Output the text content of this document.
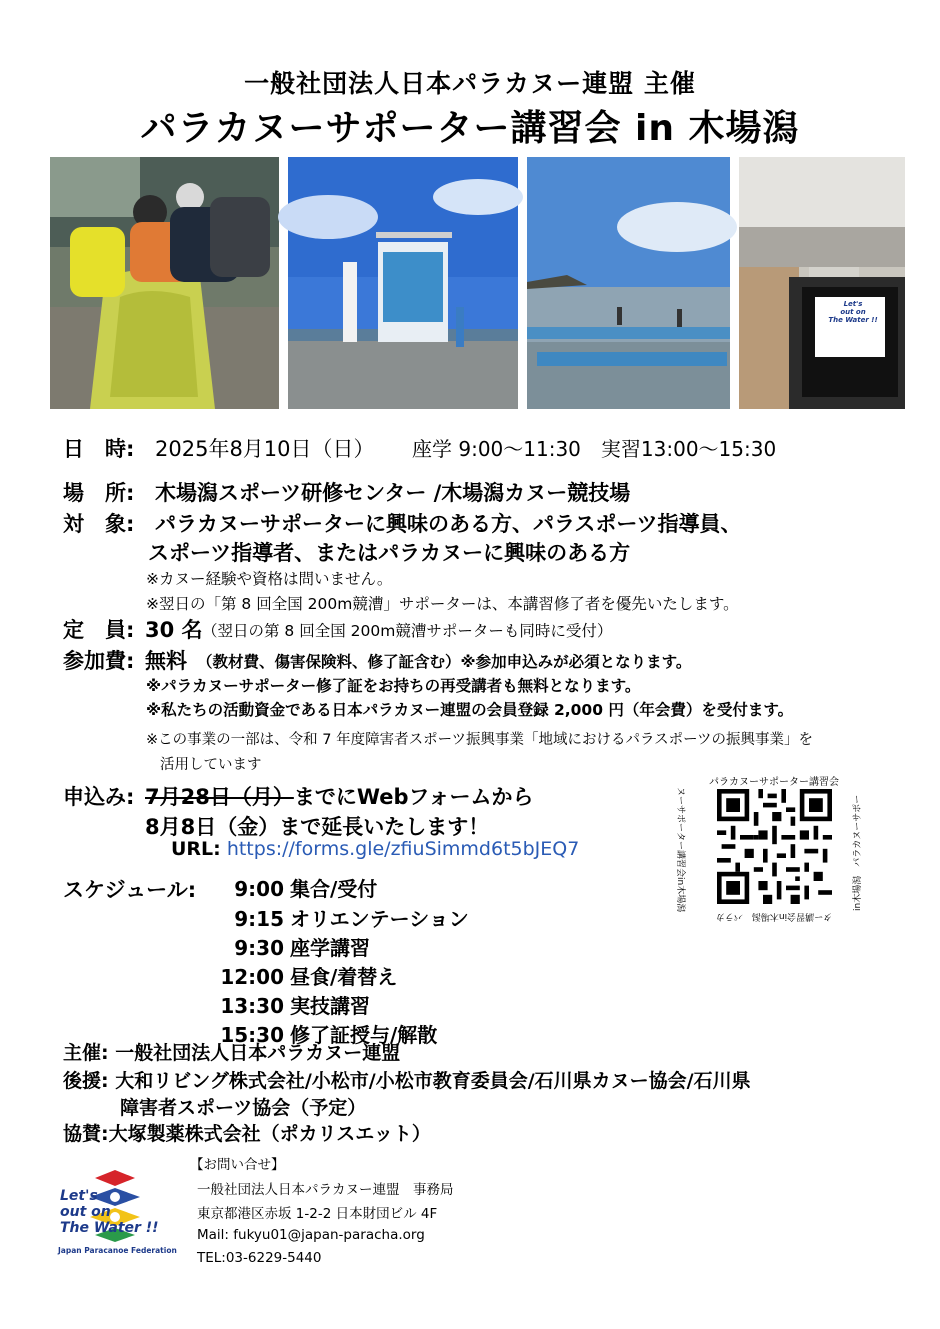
一般社団法人日本パラカヌー連盟 主催
パラカヌーサポーター講習会 in 木場潟
Let's
out on
The Water !!
日　時: 2025年8月10日（日） 座学 9:00～11:30　実習13:00～15:30
場　所: 木場潟スポーツ研修センター /木場潟カヌー競技場
対　象: パラカヌーサポーターに興味のある方、パラスポーツ指導員、
スポーツ指導者、またはパラカヌーに興味のある方
※カヌー経験や資格は問いません。
※翌日の「第 8 回全国 200m競漕」サポーターは、本講習修了者を優先いたします。
定　員: 30 名 （翌日の第 8 回全国 200m競漕サポーターも同時に受付）
参加費: 無料 （教材費、傷害保険料、修了証含む）※参加申込みが必須となります。
※パラカヌーサポーター修了証をお持ちの再受講者も無料となります。
※私たちの活動資金である日本パラカヌー連盟の会員登録 2,000 円（年会費）を受付ます。
※この事業の一部は、令和 7 年度障害者スポーツ振興事業「地域におけるパラスポーツの振興事業」を
活用しています
申込み: 7月28日（月）までにWebフォームから
8月8日（金）まで延長いたします！
URL: https://forms.gle/zfiuSimmd6t5bJEQ7
パラカヌーサポーター講習会
ヌーサポーター講習会in木場潟	in木場潟　パラカヌーサポー
ター講習会in木場潟　パラカ
スケジュール:	9:00 集合/受付
9:15 オリエンテーション
9:30 座学講習
12:00 昼食/着替え
13:30 実技講習
15:30 修了証授与/解散
主催: 一般社団法人日本パラカヌー連盟
後援: 大和リビング株式会社/小松市/小松市教育委員会/石川県カヌー協会/石川県
障害者スポーツ協会（予定）
協賛:大塚製薬株式会社（ポカリスエット）
Let's
out on
The Water !!
Japan Paracanoe Federation
【お問い合せ】
一般社団法人日本パラカヌー連盟　事務局
東京都港区赤坂 1-2-2 日本財団ビル 4F
Mail: fukyu01@japan-paracha.org
TEL:03-6229-5440
